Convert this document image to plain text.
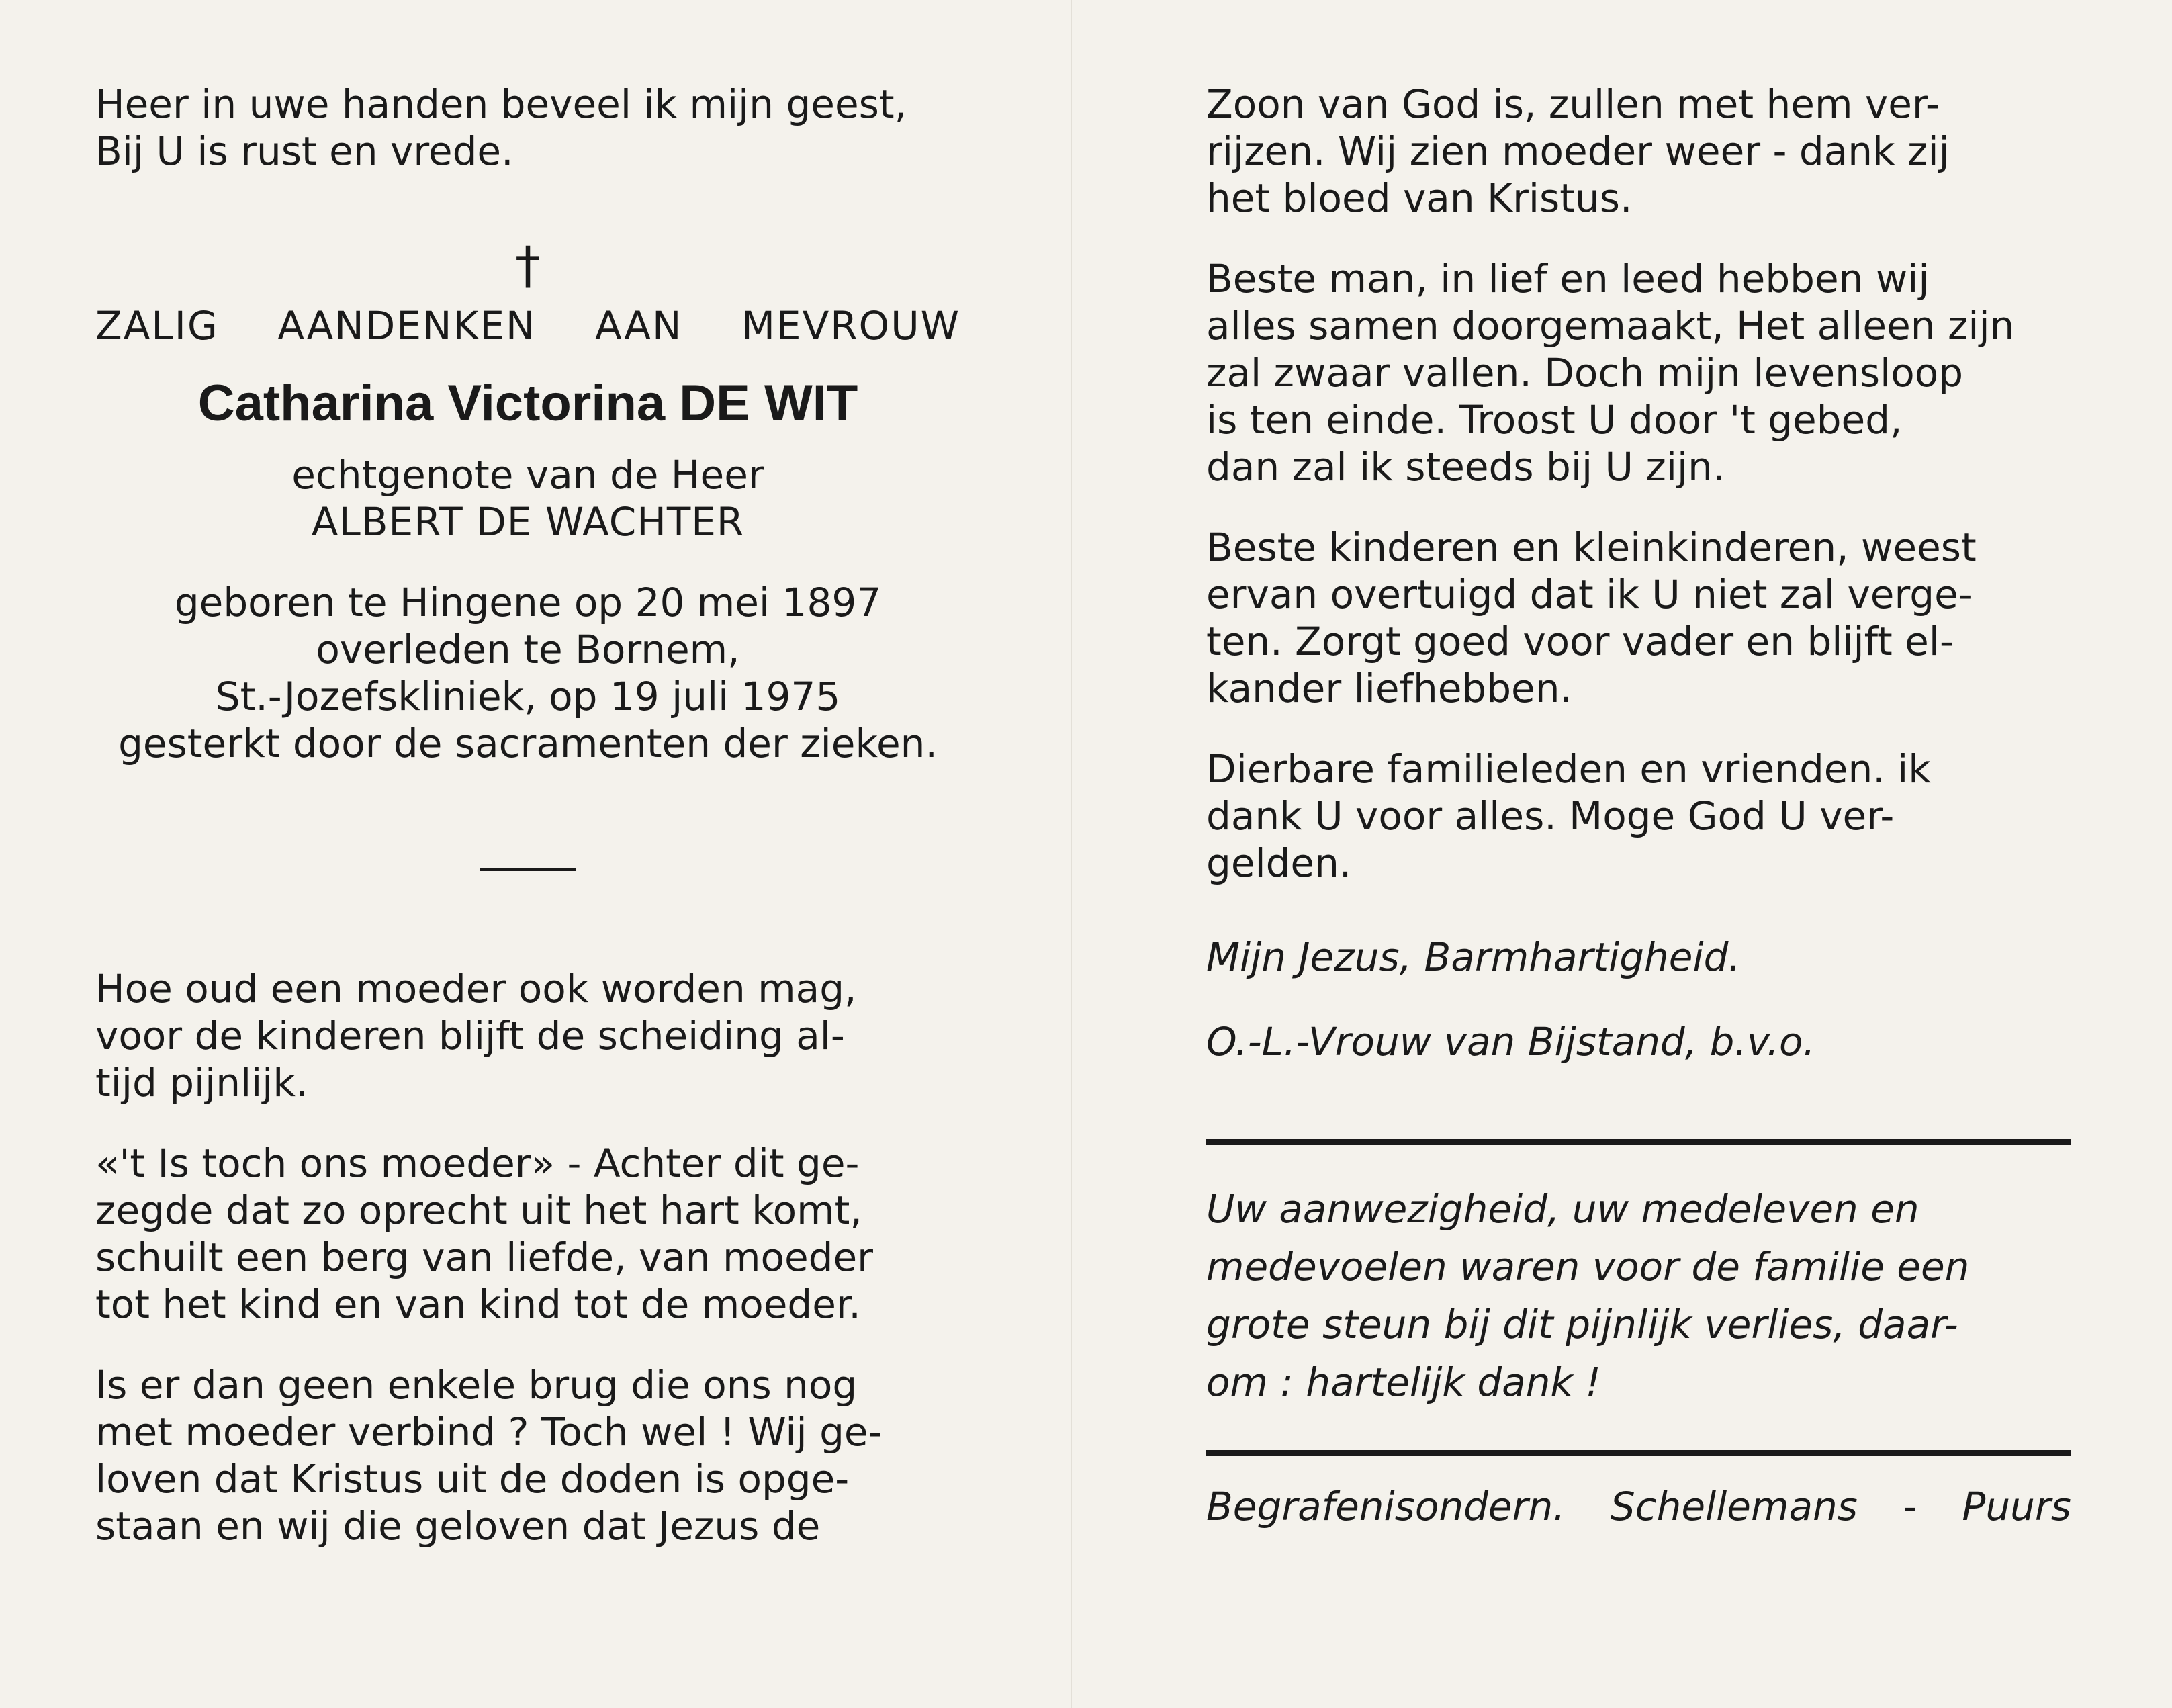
Heer in uwe handen beveel ik mijn geest,

Bij U is rust en vrede.

†
ZALIG AANDENKEN AAN MEVROUW
Catharina Victorina DE WIT

echtgenote van de Heer

ALBERT DE WACHTER

geboren te Hingene op 20 mei 1897

overleden te Bornem,

St.-Jozefskliniek, op 19 juli 1975

gesterkt door de sacramenten der zieken.

Hoe oud een moeder ook worden mag,

voor de kinderen blijft de scheiding al-

tijd pijnlijk.

«'t Is toch ons moeder» - Achter dit ge-

zegde dat zo oprecht uit het hart komt,

schuilt een berg van liefde, van moeder

tot het kind en van kind tot de moeder.

Is er dan geen enkele brug die ons nog

met moeder verbind ? Toch wel ! Wij ge-

loven dat Kristus uit de doden is opge-

staan en wij die geloven dat Jezus de

Zoon van God is, zullen met hem ver-

rijzen. Wij zien moeder weer - dank zij

het bloed van Kristus.

Beste man, in lief en leed hebben wij

alles samen doorgemaakt, Het alleen zijn

zal zwaar vallen. Doch mijn levensloop

is ten einde. Troost U door 't gebed,

dan zal ik steeds bij U zijn.

Beste kinderen en kleinkinderen, weest

ervan overtuigd dat ik U niet zal verge-

ten. Zorgt goed voor vader en blijft el-

kander liefhebben.

Dierbare familieleden en vrienden. ik

dank U voor alles. Moge God U ver-

gelden.

Mijn Jezus, Barmhartigheid.

O.-L.-Vrouw van Bijstand, b.v.o.

Uw aanwezigheid, uw medeleven en
medevoelen waren voor de familie een
grote steun bij dit pijnlijk verlies, daar-
om : hartelijk dank !
Begrafenisondern. Schellemans - Puurs
